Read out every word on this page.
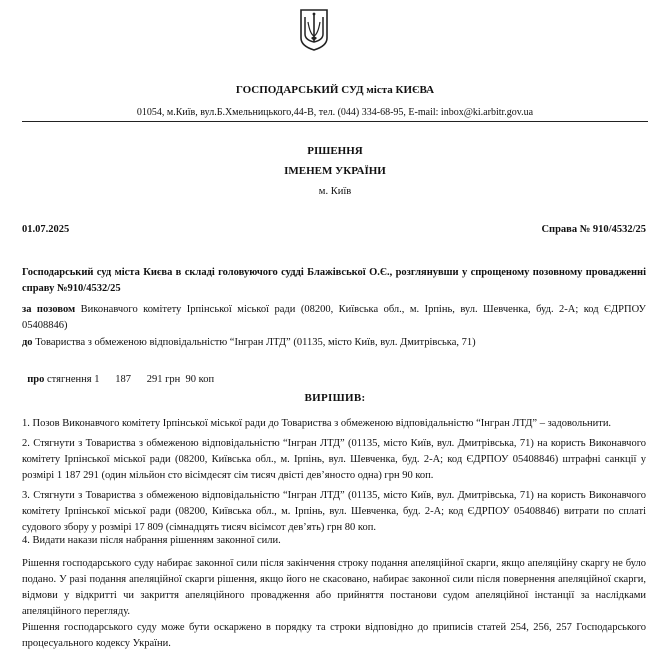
ГОСПОДАРСЬКИЙ СУД міста КИЄВА
01054, м.Київ, вул.Б.Хмельницького,44-В, тел. (044) 334-68-95, E-mail: inbox@ki.arbitr.gov.ua
РІШЕННЯ
ІМЕНЕМ УКРАЇНИ
м. Київ
01.07.2025	Справа № 910/4532/25
Господарський суд міста Києва в складі головуючого судді Блажівської О.Є., розглянувши у спрощеному позовному провадженні справу №910/4532/25
за позовом Виконавчого комітету Ірпінської міської ради (08200, Київська обл., м. Ірпінь, вул. Шевченка, буд. 2-А; код ЄДРПОУ 05408846)
до Товариства з обмеженою відповідальністю “Інгран ЛТД” (01135, місто Київ, вул. Дмитрівська, 71)

про стягнення 1      187      291 грн  90 коп

ВИРІШИВ:
1. Позов Виконавчого комітету Ірпінської міської ради до Товариства з обмеженою відповідальністю “Інгран ЛТД” – задовольнити.
2. Стягнути з Товариства з обмеженою відповідальністю “Інгран ЛТД” (01135, місто Київ, вул. Дмитрівська, 71) на користь Виконавчого комітету Ірпінської міської ради (08200, Київська обл., м. Ірпінь, вул. Шевченка, буд. 2-А; код ЄДРПОУ 05408846) штрафні санкції у розмірі 1 187 291 (один мільйон сто вісімдесят сім тисяч двісті дев’яносто одна) грн 90 коп.
3. Стягнути з Товариства з обмеженою відповідальністю “Інгран ЛТД” (01135, місто Київ, вул. Дмитрівська, 71) на користь Виконавчого комітету Ірпінської міської ради (08200, Київська обл., м. Ірпінь, вул. Шевченка, буд. 2-А; код ЄДРПОУ 05408846) витрати по сплаті судового збору у розмірі 17 809 (сімнадцять тисяч вісімсот дев’ять) грн 80 коп.
4. Видати накази після набрання рішенням законної сили.
Рішення господарського суду набирає законної сили після закінчення строку подання апеляційної скарги, якщо апеляційну скаргу не було подано. У разі подання апеляційної скарги рішення, якщо його не скасовано, набирає законної сили після повернення апеляційної скарги, відмови у відкритті чи закриття апеляційного провадження або прийняття постанови судом апеляційної інстанції за наслідками апеляційного перегляду.
Рішення господарського суду може бути оскаржено в порядку та строки відповідно до приписів статей 254, 256, 257 Господарського процесуального кодексу України.
